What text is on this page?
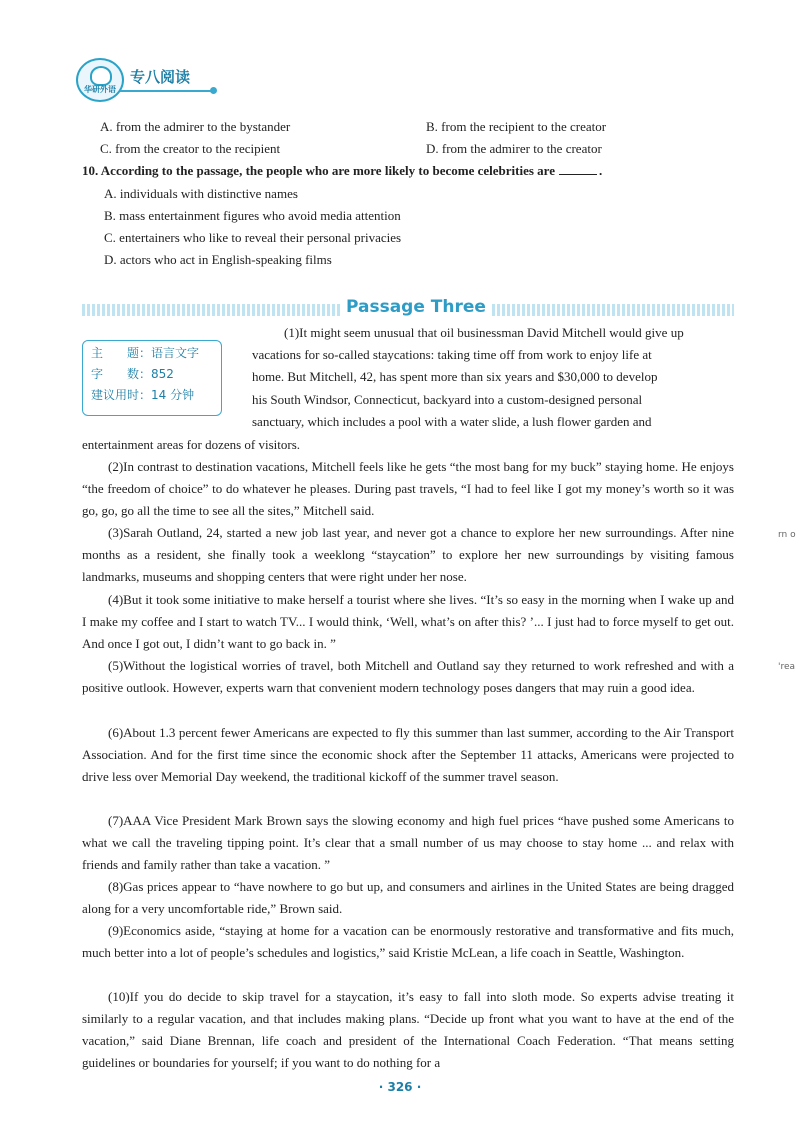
华研外语
专八阅读
A. from the admirer to the bystander	B. from the recipient to the creator
C. from the creator to the recipient	D. from the admirer to the creator
10. According to the passage, the people who are more likely to become celebrities are	.
A. individuals with distinctive names
B. mass entertainment figures who avoid media attention
C. entertainers who like to reveal their personal privacies
D. actors who act in English-speaking films
Passage Three
主　　题：语言文字
字　　数：852
建议用时：14 分钟
(1)It might seem unusual that oil businessman David Mitchell would give up
vacations for so-called staycations: taking time off from work to enjoy life at
home. But Mitchell, 42, has spent more than six years and $30,000 to develop
his South Windsor, Connecticut, backyard into a custom-designed personal
sanctuary, which includes a pool with a water slide, a lush flower garden and
entertainment areas for dozens of visitors.
(2)In contrast to destination vacations, Mitchell feels like he gets “the most bang for my buck” staying home. He enjoys “the freedom of choice” to do whatever he pleases. During past travels, “I had to feel like I got my money’s worth so it was go, go, go all the time to see all the sites,” Mitchell said.
(3)Sarah Outland, 24, started a new job last year, and never got a chance to explore her new surroundings. After nine months as a resident, she finally took a weeklong “staycation” to explore her new surroundings by visiting famous landmarks, museums and shopping centers that were right under her nose.
(4)But it took some initiative to make herself a tourist where she lives. “It’s so easy in the morning when I wake up and I make my coffee and I start to watch TV... I would think, ‘Well, what’s on after this? ’... I just had to force myself to get out. And once I got out, I didn’t want to go back in. ”
(5)Without the logistical worries of travel, both Mitchell and Outland say they returned to work refreshed and with a positive outlook. However, experts warn that convenient modern technology poses dangers that may ruin a good idea.
(6)About 1.3 percent fewer Americans are expected to fly this summer than last summer, according to the Air Transport Association. And for the first time since the economic shock after the September 11 attacks, Americans were projected to drive less over Memorial Day weekend, the traditional kickoff of the summer travel season.
(7)AAA Vice President Mark Brown says the slowing economy and high fuel prices “have pushed some Americans to what we call the traveling tipping point. It’s clear that a small number of us may choose to stay home ... and relax with friends and family rather than take a vacation. ”
(8)Gas prices appear to “have nowhere to go but up, and consumers and airlines in the United States are being dragged along for a very uncomfortable ride,” Brown said.
(9)Economics aside, “staying at home for a vacation can be enormously restorative and transformative and fits much, much better into a lot of people’s schedules and logistics,” said Kristie McLean, a life coach in Seattle, Washington.
(10)If you do decide to skip travel for a staycation, it’s easy to fall into sloth mode. So experts advise treating it similarly to a regular vacation, and that includes making plans. “Decide up front what you want to have at the end of the vacation,” said Diane Brennan, life coach and president of the International Coach Federation. “That means setting guidelines or boundaries for yourself; if you want to do nothing for a
rn o
'rea
· 326 ·
